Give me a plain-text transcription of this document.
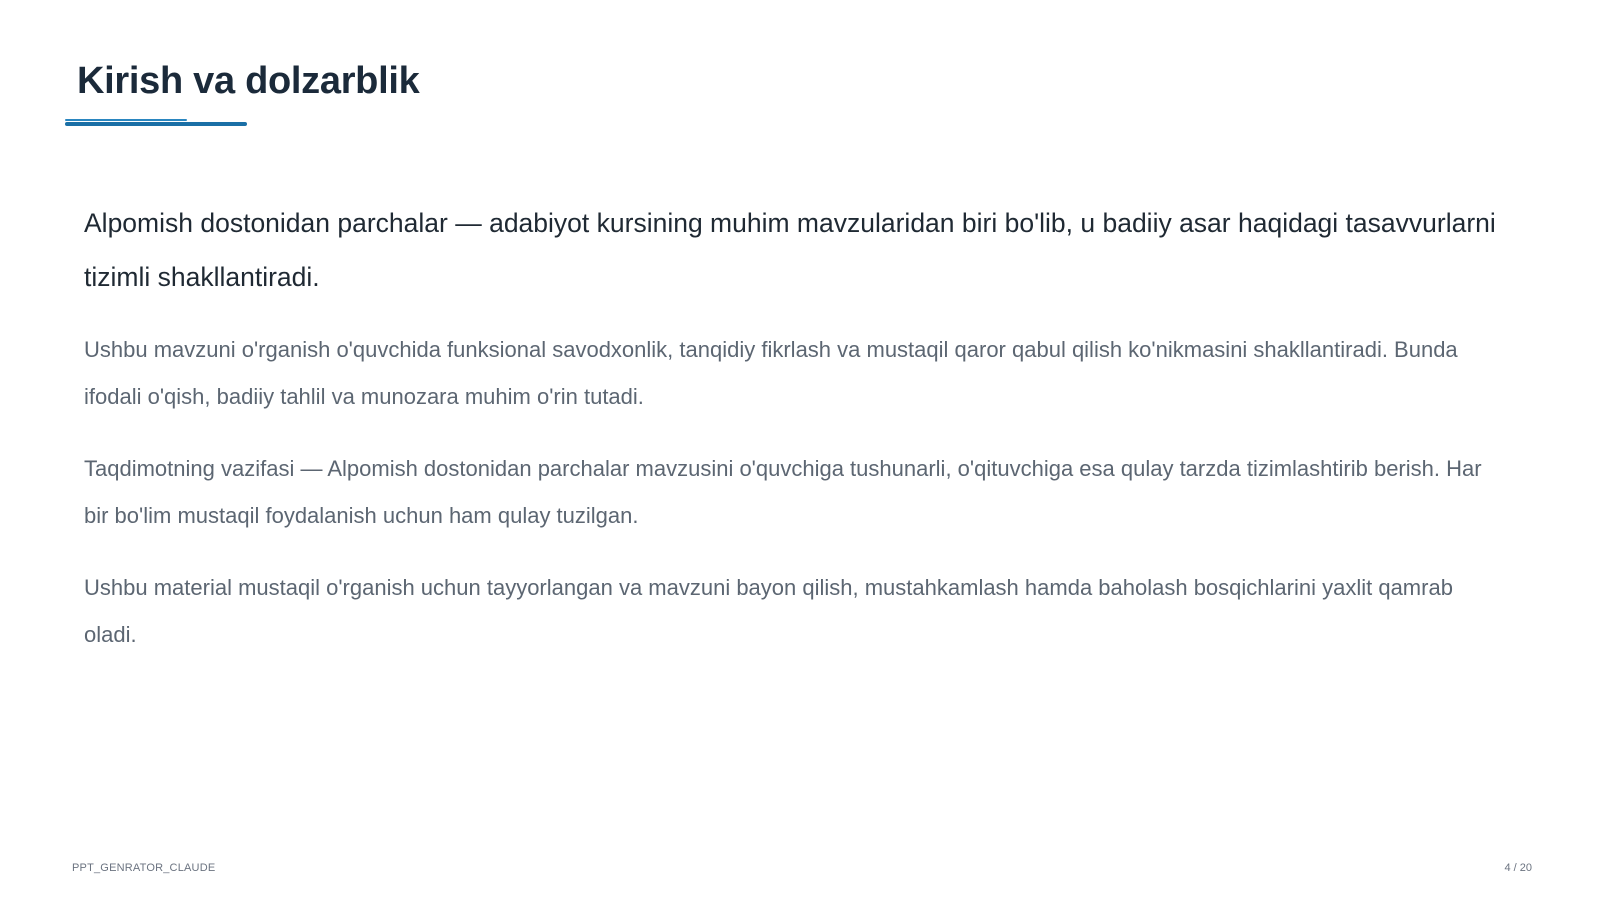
Kirish va dolzarblik

Alpomish dostonidan parchalar — adabiyot kursining muhim mavzularidan biri bo'lib, u badiiy asar haqidagi tasavvurlarni tizimli shakllantiradi.

Ushbu mavzuni o'rganish o'quvchida funksional savodxonlik, tanqidiy fikrlash va mustaqil qaror qabul qilish ko'nikmasini shakllantiradi. Bunda ifodali o'qish, badiiy tahlil va munozara muhim o'rin tutadi.

Taqdimotning vazifasi — Alpomish dostonidan parchalar mavzusini o'quvchiga tushunarli, o'qituvchiga esa qulay tarzda tizimlashtirib berish. Har bir bo'lim mustaqil foydalanish uchun ham qulay tuzilgan.

Ushbu material mustaqil o'rganish uchun tayyorlangan va mavzuni bayon qilish, mustahkamlash hamda baholash bosqichlarini yaxlit qamrab oladi.

PPT_GENRATOR_CLAUDE	4 / 20
